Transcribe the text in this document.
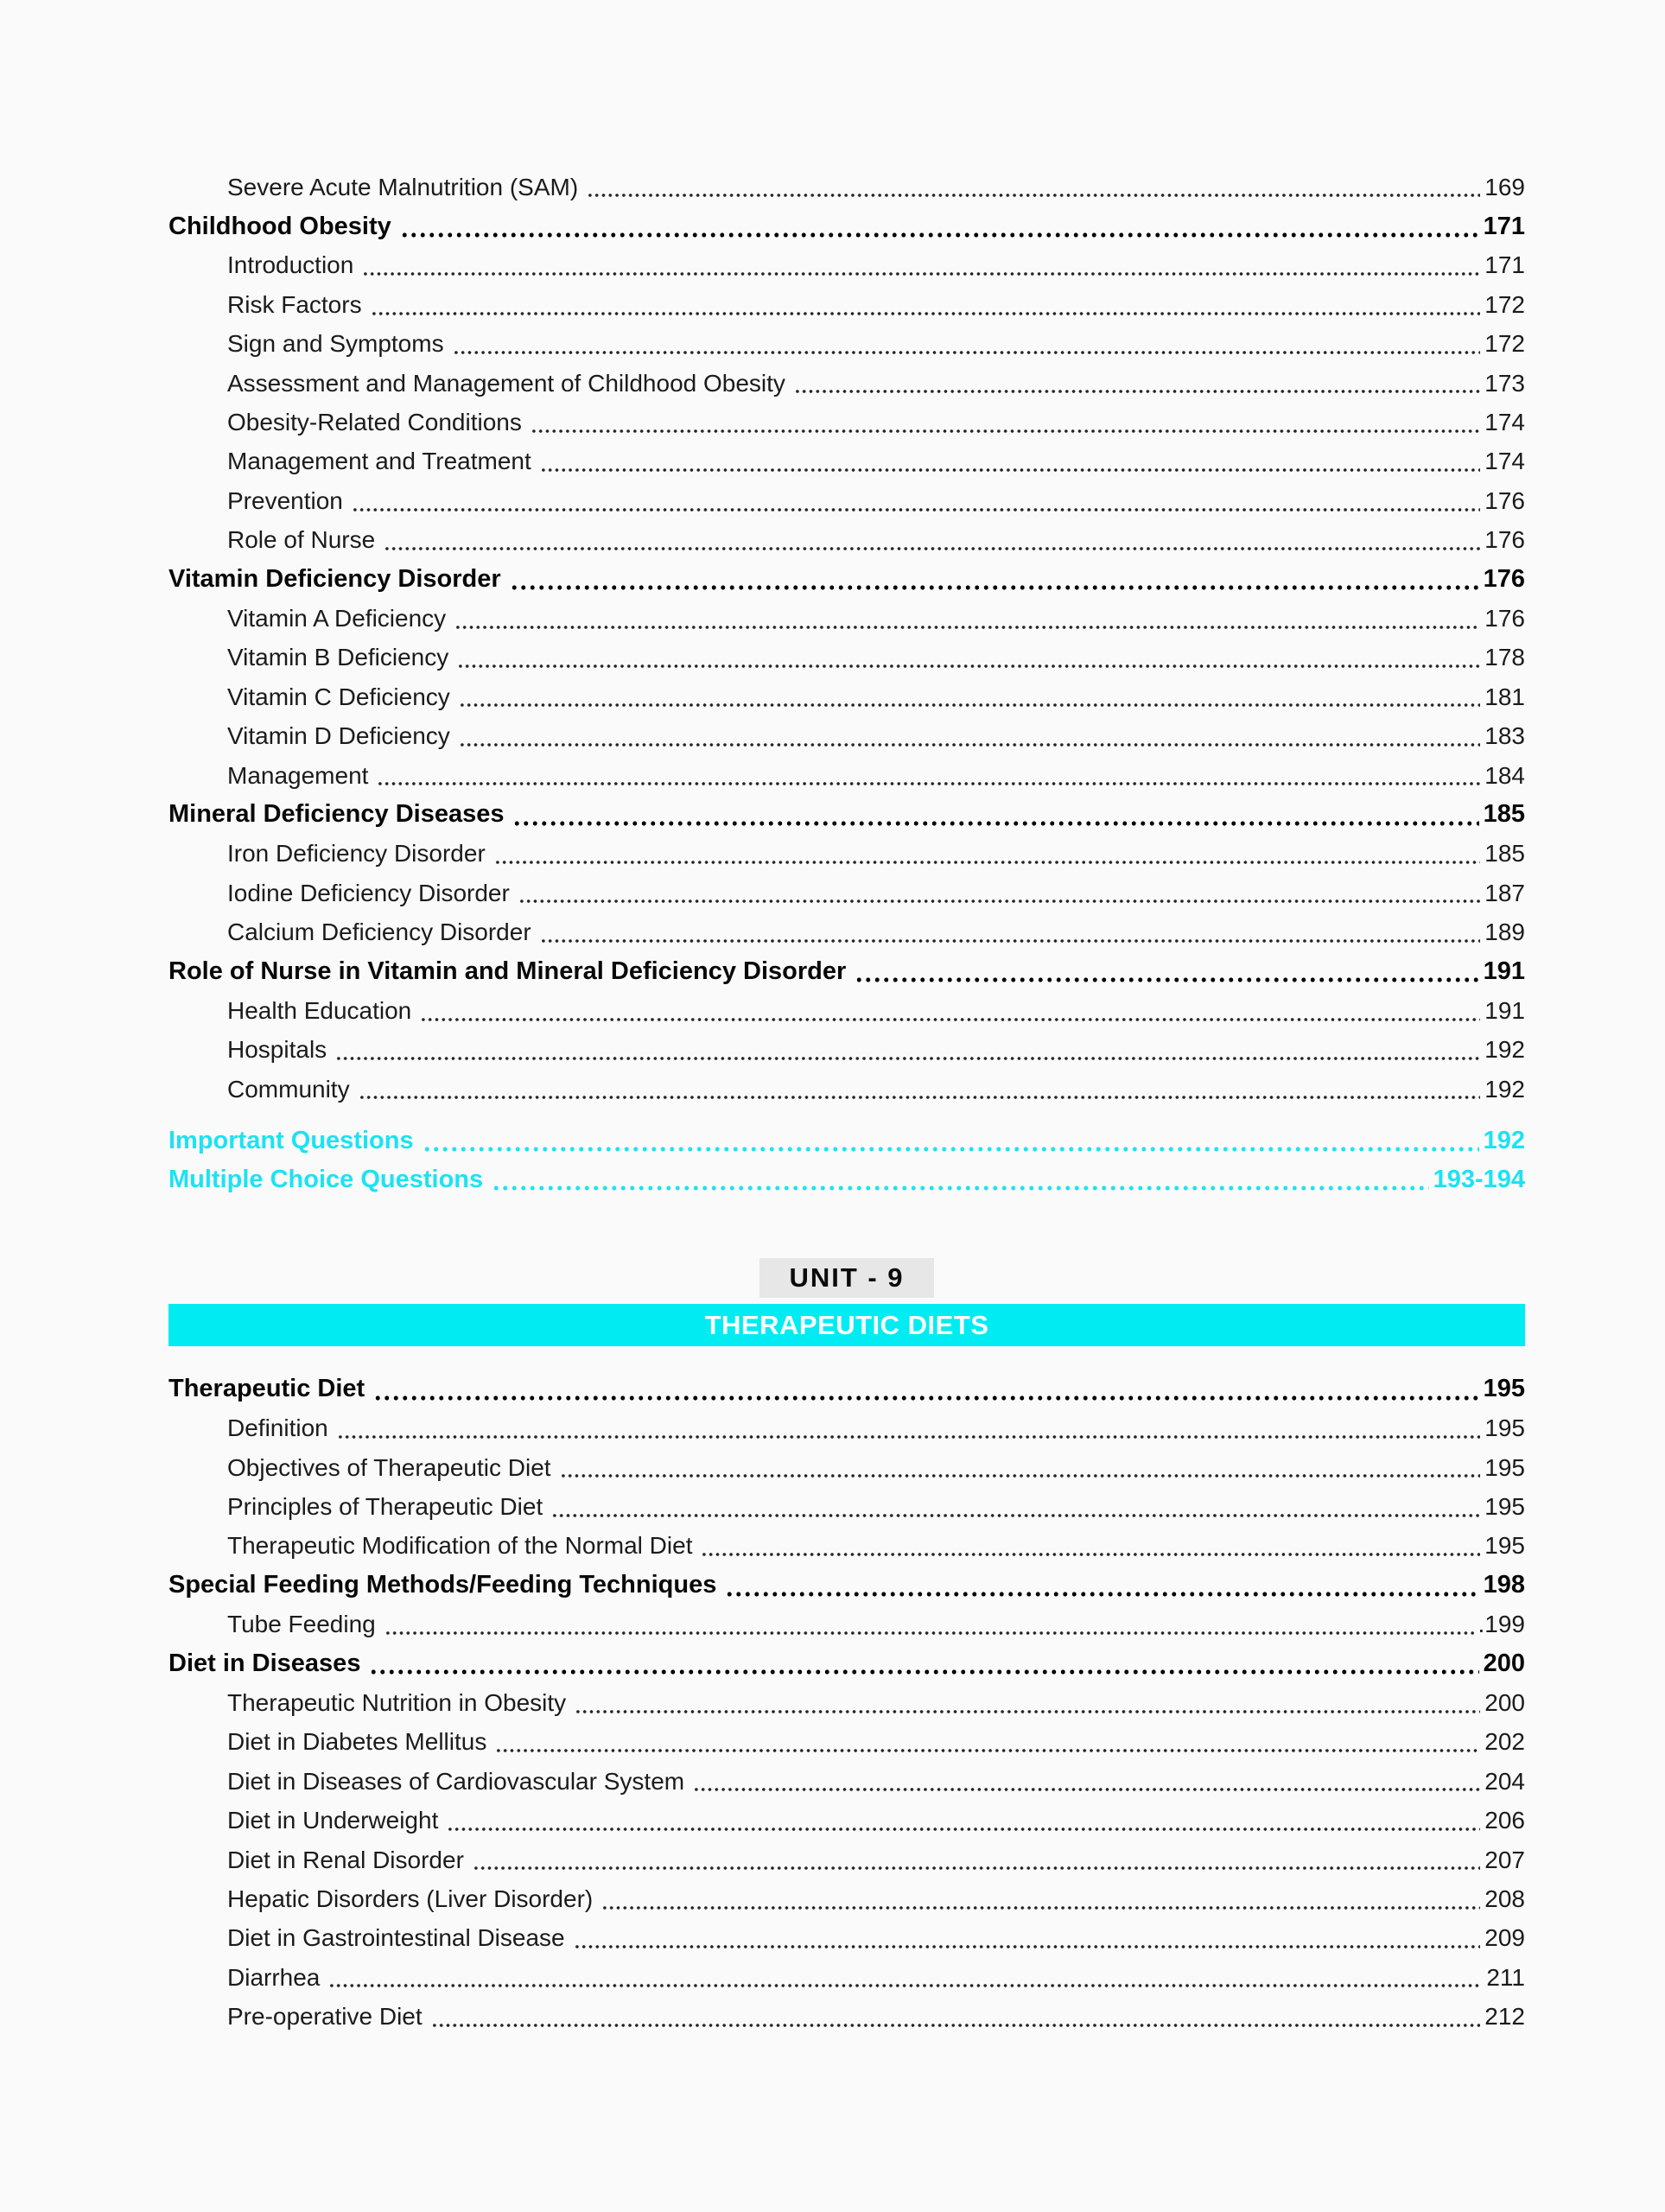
Severe Acute Malnutrition (SAM)	169
Childhood Obesity	171
Introduction	171
Risk Factors	172
Sign and Symptoms	172
Assessment and Management of Childhood Obesity	173
Obesity-Related Conditions	174
Management and Treatment	174
Prevention	176
Role of Nurse	176
Vitamin Deficiency Disorder	176
Vitamin A Deficiency	176
Vitamin B Deficiency	178
Vitamin C Deficiency	181
Vitamin D Deficiency	183
Management	184
Mineral Deficiency Diseases	185
Iron Deficiency Disorder	185
Iodine Deficiency Disorder	187
Calcium Deficiency Disorder	189
Role of Nurse in Vitamin and Mineral Deficiency Disorder	191
Health Education	191
Hospitals	192
Community	192
Important Questions	192
Multiple Choice Questions	193-194
UNIT - 9
THERAPEUTIC DIETS
Therapeutic Diet	195
Definition	195
Objectives of Therapeutic Diet	195
Principles of Therapeutic Diet	195
Therapeutic Modification of the Normal Diet	195
Special Feeding Methods/Feeding Techniques	198
Tube Feeding	.199
Diet in Diseases	200
Therapeutic Nutrition in Obesity	200
Diet in Diabetes Mellitus	202
Diet in Diseases of Cardiovascular System	204
Diet in Underweight	206
Diet in Renal Disorder	207
Hepatic Disorders (Liver Disorder)	208
Diet in Gastrointestinal Disease	209
Diarrhea	211
Pre-operative Diet	212
